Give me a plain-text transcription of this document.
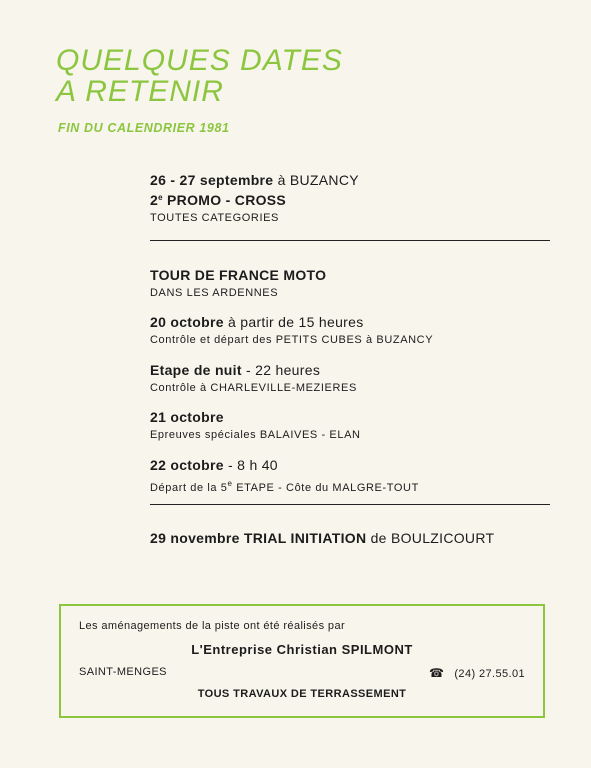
QUELQUES DATES
A RETENIR
FIN DU CALENDRIER 1981
26 - 27 septembre à BUZANCY
2e PROMO - CROSS
TOUTES CATEGORIES
TOUR DE FRANCE MOTO
DANS LES ARDENNES
20 octobre à partir de 15 heures
Contrôle et départ des PETITS CUBES à BUZANCY
Etape de nuit - 22 heures
Contrôle à CHARLEVILLE-MEZIERES
21 octobre
Epreuves spéciales BALAIVES - ELAN
22 octobre - 8 h 40
Départ de la 5e ETAPE - Côte du MALGRE-TOUT
29 novembre TRIAL INITIATION de BOULZICOURT
Les aménagements de la piste ont été réalisés par
L'Entreprise Christian SPILMONT
SAINT-MENGES	☎ (24) 27.55.01
TOUS TRAVAUX DE TERRASSEMENT
